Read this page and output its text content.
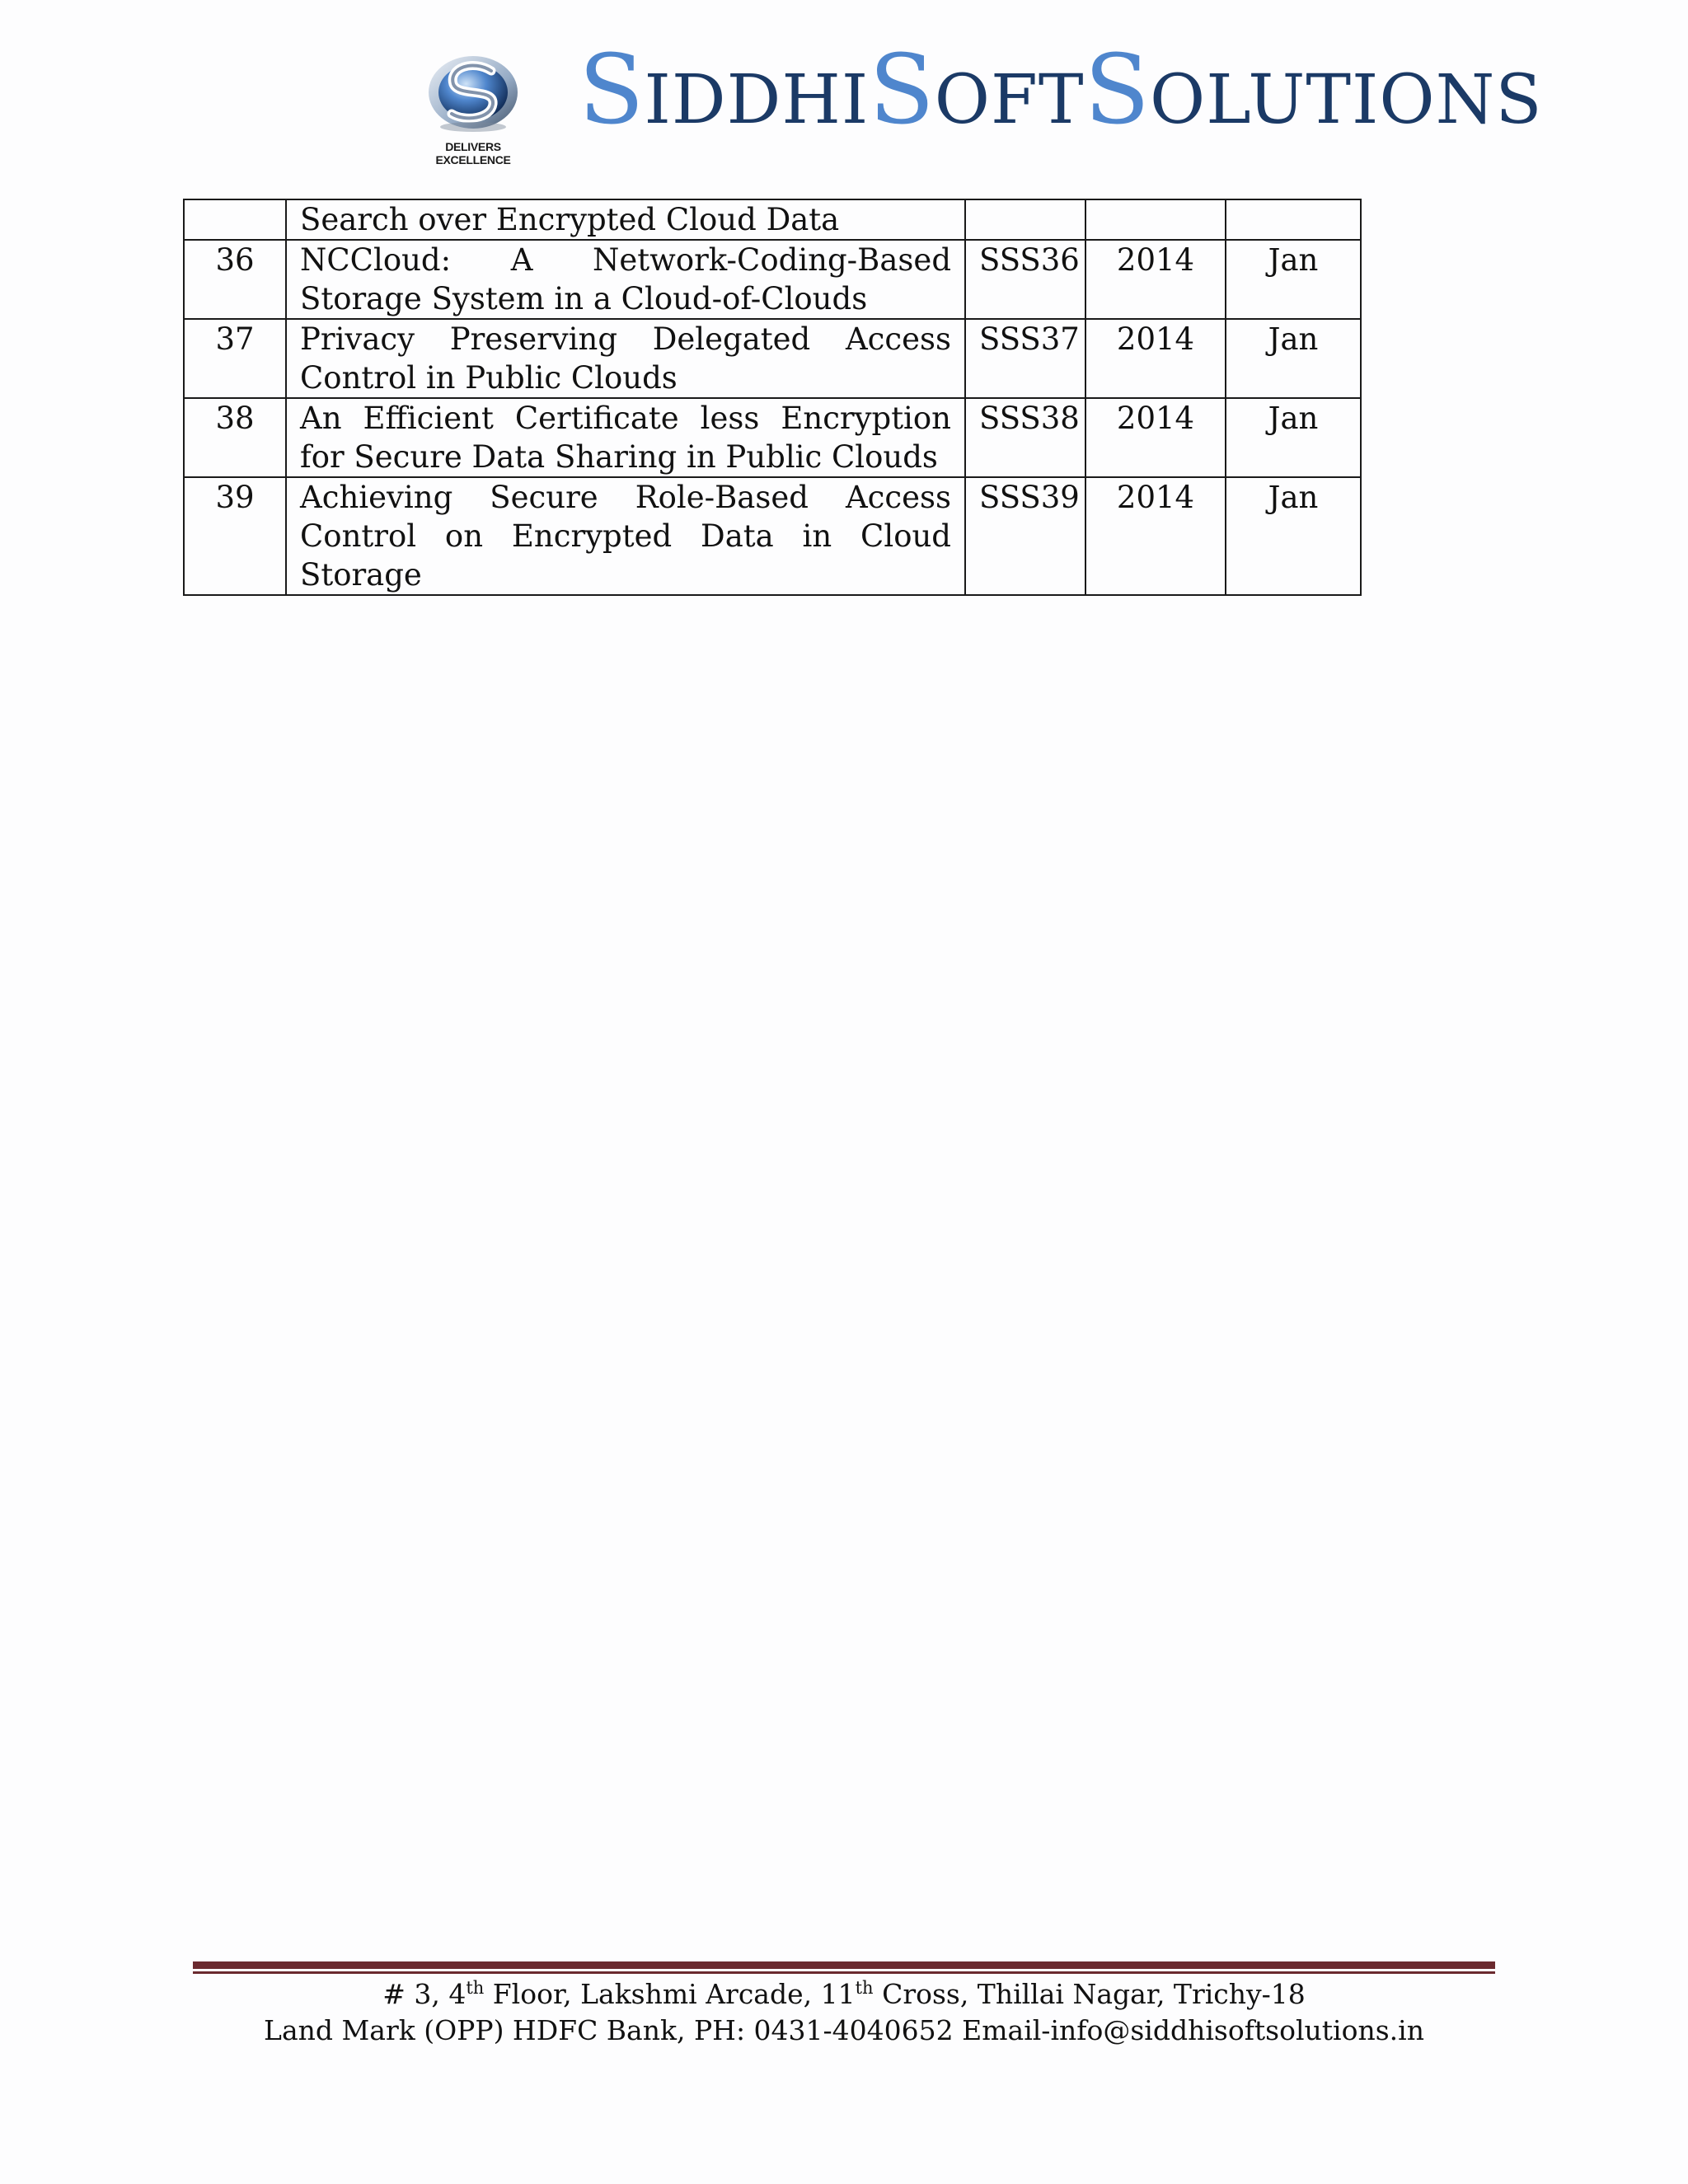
DELIVERS EXCELLENCE
SIDDHISOFTSOLUTIONS
	Search over Encrypted Cloud Data			
36	NCCloud: A Network-Coding-Based Storage System in a Cloud-of-Clouds	SSS36	2014	Jan
37	Privacy Preserving Delegated Access Control in Public Clouds	SSS37	2014	Jan
38	An Efficient Certificate less Encryption for Secure Data Sharing in Public Clouds	SSS38	2014	Jan
39	Achieving Secure Role-Based Access Control on Encrypted Data in Cloud Storage	SSS39	2014	Jan
# 3, 4th Floor, Lakshmi Arcade, 11th Cross, Thillai Nagar, Trichy-18
Land Mark (OPP) HDFC Bank, PH: 0431-4040652 Email-info@siddhisoftsolutions.in
